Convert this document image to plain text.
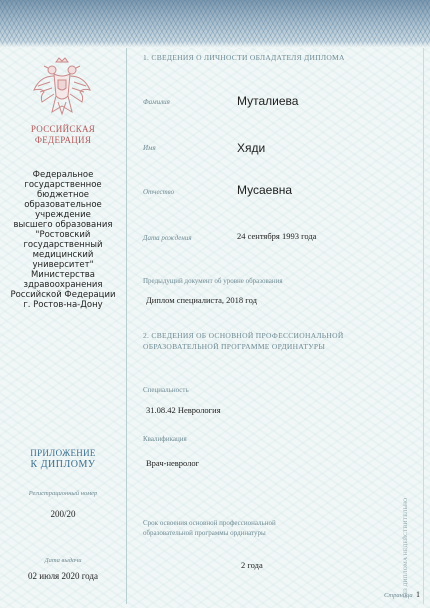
РОССИЙСКАЯ
ФЕДЕРАЦИЯ
Федеральное
государственное
бюджетное образовательное
учреждение
высшего образования
"Ростовский
государственный
медицинский университет"
Министерства
здравоохранения
Российской Федерации
г. Ростов-на-Дону
ПРИЛОЖЕНИЕ
К ДИПЛОМУ
Регистрационный номер
200/20
Дата выдачи
02 июля 2020 года
1. СВЕДЕНИЯ О ЛИЧНОСТИ ОБЛАДАТЕЛЯ ДИПЛОМА
Фамилия	Муталиева
Имя	Хяди
Отчество	Мусаевна
Дата рождения	24 сентября 1993 года
Предыдущий документ об уровне образования
Диплом специалиста, 2018 год
2. СВЕДЕНИЯ ОБ ОСНОВНОЙ ПРОФЕССИОНАЛЬНОЙ
ОБРАЗОВАТЕЛЬНОЙ ПРОГРАММЕ ОРДИНАТУРЫ
Специальность
31.08.42 Неврология
Квалификация
Врач-невролог
Срок освоения основной профессиональной
образовательной программы ординатуры
2 года	БЕЗ ДИПЛОМА НЕДЕЙСТВИТЕЛЬНО
Страница 1
